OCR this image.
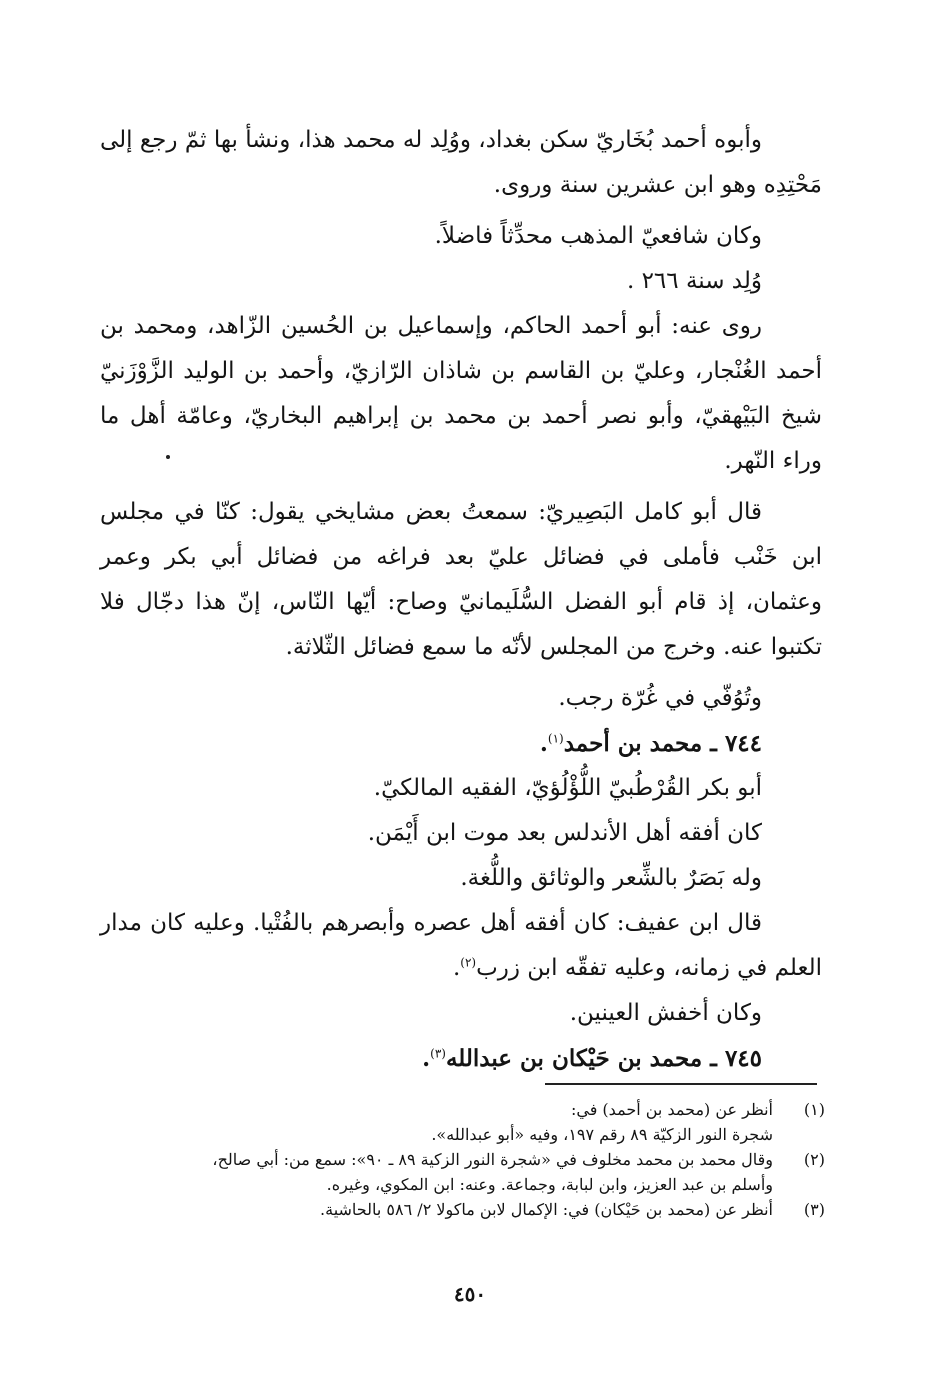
وأبوه أحمد بُخَاريّ سكن بغداد، ووُلِد له محمد هذا، ونشأ بها ثمّ رجع إلى مَحْتِدِه وهو ابن عشرين سنة وروى.

وكان شافعيّ المذهب محدِّثاً فاضلاً.

وُلِد سنة ٢٦٦ .

روى عنه: أبو أحمد الحاكم، وإسماعيل بن الحُسين الزّاهد، ومحمد بن أحمد الغُنْجار، وعليّ بن القاسم بن شاذان الرّازيّ، وأحمد بن الوليد الزَّوْزَنيّ شيخ البَيْهقيّ، وأبو نصر أحمد بن محمد بن إبراهيم البخاريّ، وعامّة أهل ما وراء النّهر.

قال أبو كامل البَصِيريّ: سمعتُ بعض مشايخي يقول: كنّا في مجلس ابن خَنْب فأملى في فضائل عليّ بعد فراغه من فضائل أبي بكر وعمر وعثمان، إذ قام أبو الفضل السُّلَيمانيّ وصاح: أيّها النّاس، إنّ هذا دجّال فلا تكتبوا عنه. وخرج من المجلس لأنّه ما سمع فضائل الثّلاثة.

وتُوُفّي في غُرّة رجب.

٧٤٤ ـ محمد بن أحمد$^{(١)}$.

أبو بكر القُرْطُبيّ اللُّؤْلُؤيّ، الفقيه المالكيّ.

كان أفقه أهل الأندلس بعد موت ابن أَيْمَن.

وله بَصَرٌ بالشِّعر والوثائق واللُّغة.

قال ابن عفيف: كان أفقه أهل عصره وأبصرهم بالفُتْيا. وعليه كان مدار العلم في زمانه، وعليه تفقّه ابن زرب$^{(٢)}$.

وكان أخفش العينين.

٧٤٥ ـ محمد بن حَيْكان بن عبدالله$^{(٣)}$.

(١)
أنظر عن (محمد بن أحمد) في:
شجرة النور الزكيّة ٨٩ رقم ١٩٧، وفيه «أبو عبدالله».
(٢)
وقال محمد بن محمد مخلوف في «شجرة النور الزكية ٨٩ ـ ٩٠»: سمع من: أبي صالح،
وأسلم بن عبد العزيز، وابن لبابة، وجماعة. وعنه: ابن المكوي، وغيره.
(٣)
أنظر عن (محمد بن حَيْكان) في: الإكمال لابن ماكولا ٢/ ٥٨٦ بالحاشية.
٤٥٠
